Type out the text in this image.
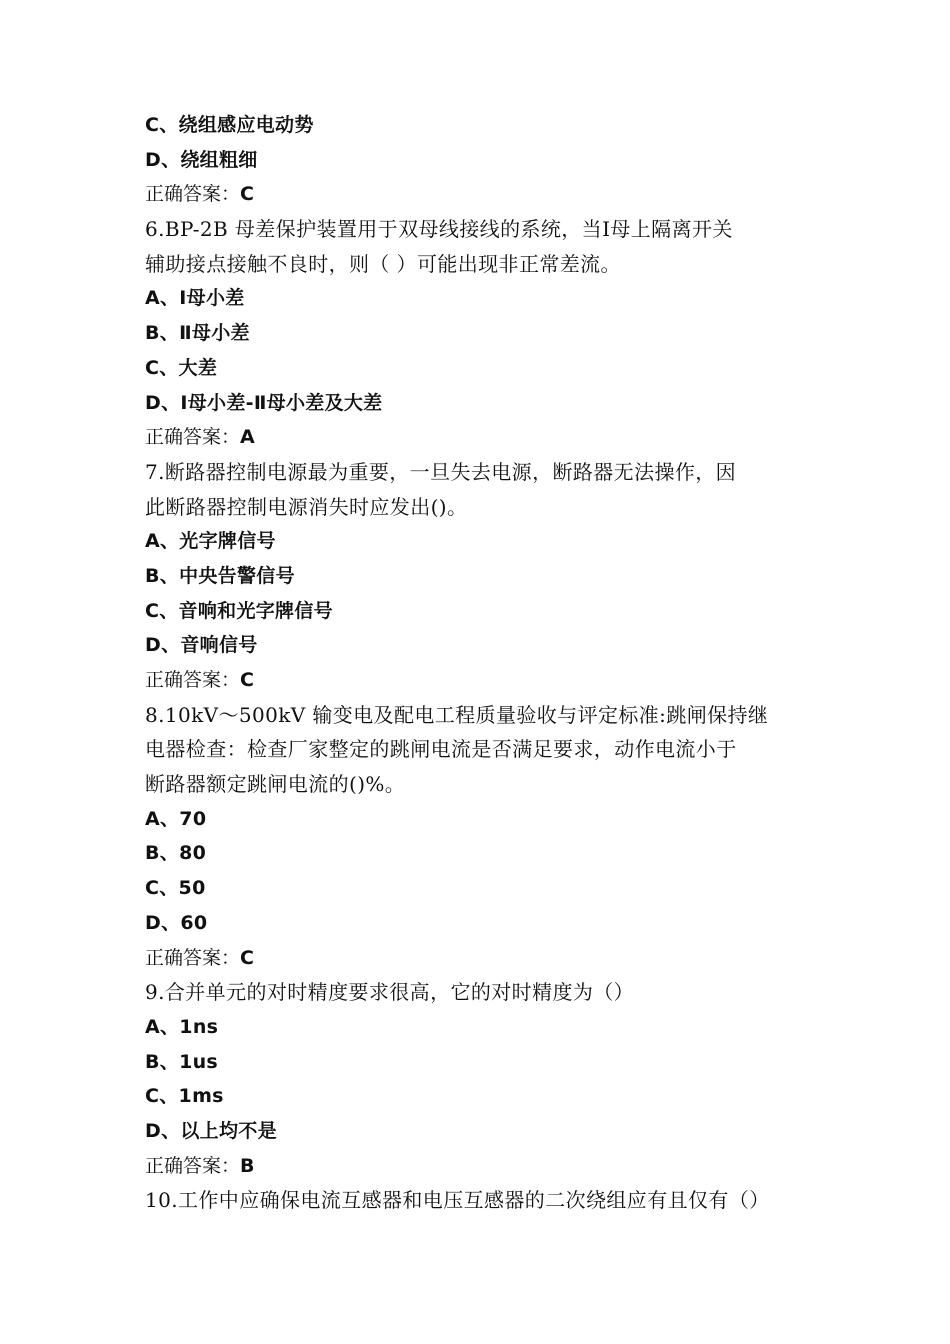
C、绕组感应电动势
D、绕组粗细
正确答案：C
6.BP-2B 母差保护装置用于双母线接线的系统，当Ⅰ母上隔离开关
辅助接点接触不良时，则（ ）可能出现非正常差流。
A、Ⅰ母小差
B、Ⅱ母小差
C、大差
D、Ⅰ母小差-Ⅱ母小差及大差
正确答案：A
7.断路器控制电源最为重要，一旦失去电源，断路器无法操作，因
此断路器控制电源消失时应发出()。
A、光字牌信号
B、中央告警信号
C、音响和光字牌信号
D、音响信号
正确答案：C
8.10kV～500kV 输变电及配电工程质量验收与评定标准:跳闸保持继
电器检查：检查厂家整定的跳闸电流是否满足要求，动作电流小于
断路器额定跳闸电流的()%。
A、70
B、80
C、50
D、60
正确答案：C
9.合并单元的对时精度要求很高，它的对时精度为（）
A、1ns
B、1us
C、1ms
D、以上均不是
正确答案：B
10.工作中应确保电流互感器和电压互感器的二次绕组应有且仅有（）
